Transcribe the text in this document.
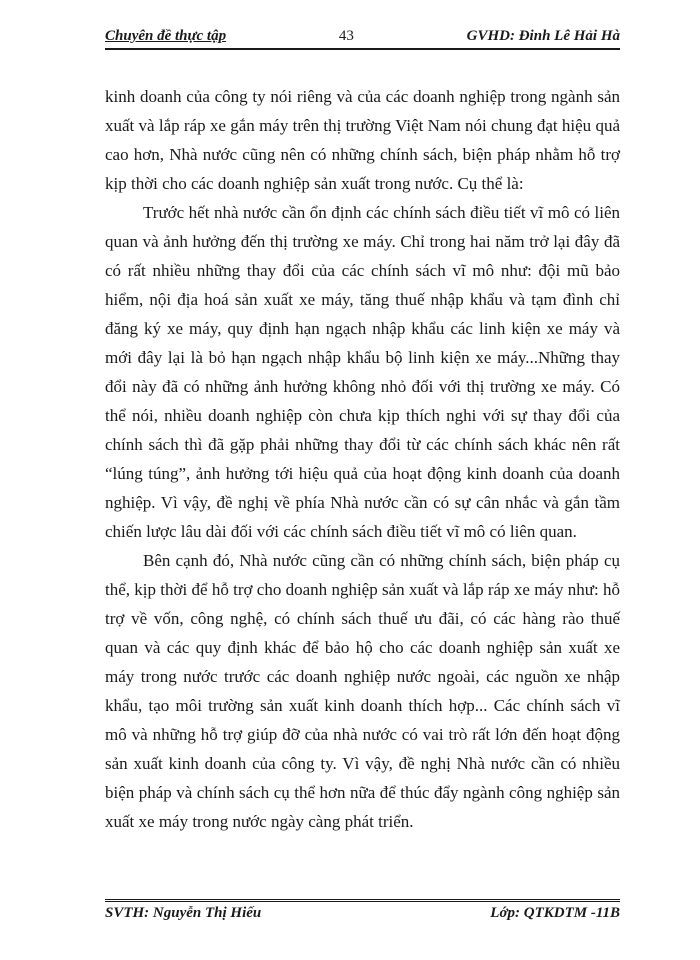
Chuyên đề thực tập	43	GVHD: Đinh Lê Hải Hà

kinh doanh của công ty nói riêng và của các doanh nghiệp trong ngành sản xuất và lắp ráp xe gắn máy trên thị trường Việt Nam nói chung đạt hiệu quả cao hơn, Nhà nước cũng nên có những chính sách, biện pháp nhằm hỗ trợ kịp thời cho các doanh nghiệp sản xuất trong nước. Cụ thể là:

Trước hết nhà nước cần ổn định các chính sách điều tiết vĩ mô có liên quan và ảnh hưởng đến thị trường xe máy. Chỉ trong hai năm trở lại đây đã có rất nhiều những thay đổi của các chính sách vĩ mô như: đội mũ bảo hiểm, nội địa hoá sản xuất xe máy, tăng thuế nhập khẩu và tạm đình chỉ đăng ký xe máy, quy định hạn ngạch nhập khẩu các linh kiện xe máy và mới đây lại là bỏ hạn ngạch nhập khẩu bộ linh kiện xe máy...Những thay đổi này đã có những ảnh hưởng không nhỏ đối với thị trường xe máy. Có thể nói, nhiều doanh nghiệp còn chưa kịp thích nghi với sự thay đổi của chính sách thì đã gặp phải những thay đổi từ các chính sách khác nên rất “lúng túng”, ảnh hưởng tới hiệu quả của hoạt động kinh doanh của doanh nghiệp. Vì vậy, đề nghị về phía Nhà nước cần có sự cân nhắc và gắn tầm chiến lược lâu dài đối với các chính sách điều tiết vĩ mô có liên quan.

Bên cạnh đó, Nhà nước cũng cần có những chính sách, biện pháp cụ thể, kịp thời để hỗ trợ cho doanh nghiệp sản xuất và lắp ráp xe máy như: hỗ trợ về vốn, công nghệ, có chính sách thuế ưu đãi, có các hàng rào thuế quan và các quy định khác để bảo hộ cho các doanh nghiệp sản xuất xe máy trong nước trước các doanh nghiệp nước ngoài, các nguồn xe nhập khẩu, tạo môi trường sản xuất kinh doanh thích hợp... Các chính sách vĩ mô và những hỗ trợ giúp đỡ của nhà nước có vai trò rất lớn đến hoạt động sản xuất kinh doanh của công ty. Vì vậy, đề nghị Nhà nước cần có nhiều biện pháp và chính sách cụ thể hơn nữa để thúc đẩy ngành công nghiệp sản xuất xe máy trong nước ngày càng phát triển.

SVTH: Nguyễn Thị Hiếu	Lớp: QTKDTM -11B
